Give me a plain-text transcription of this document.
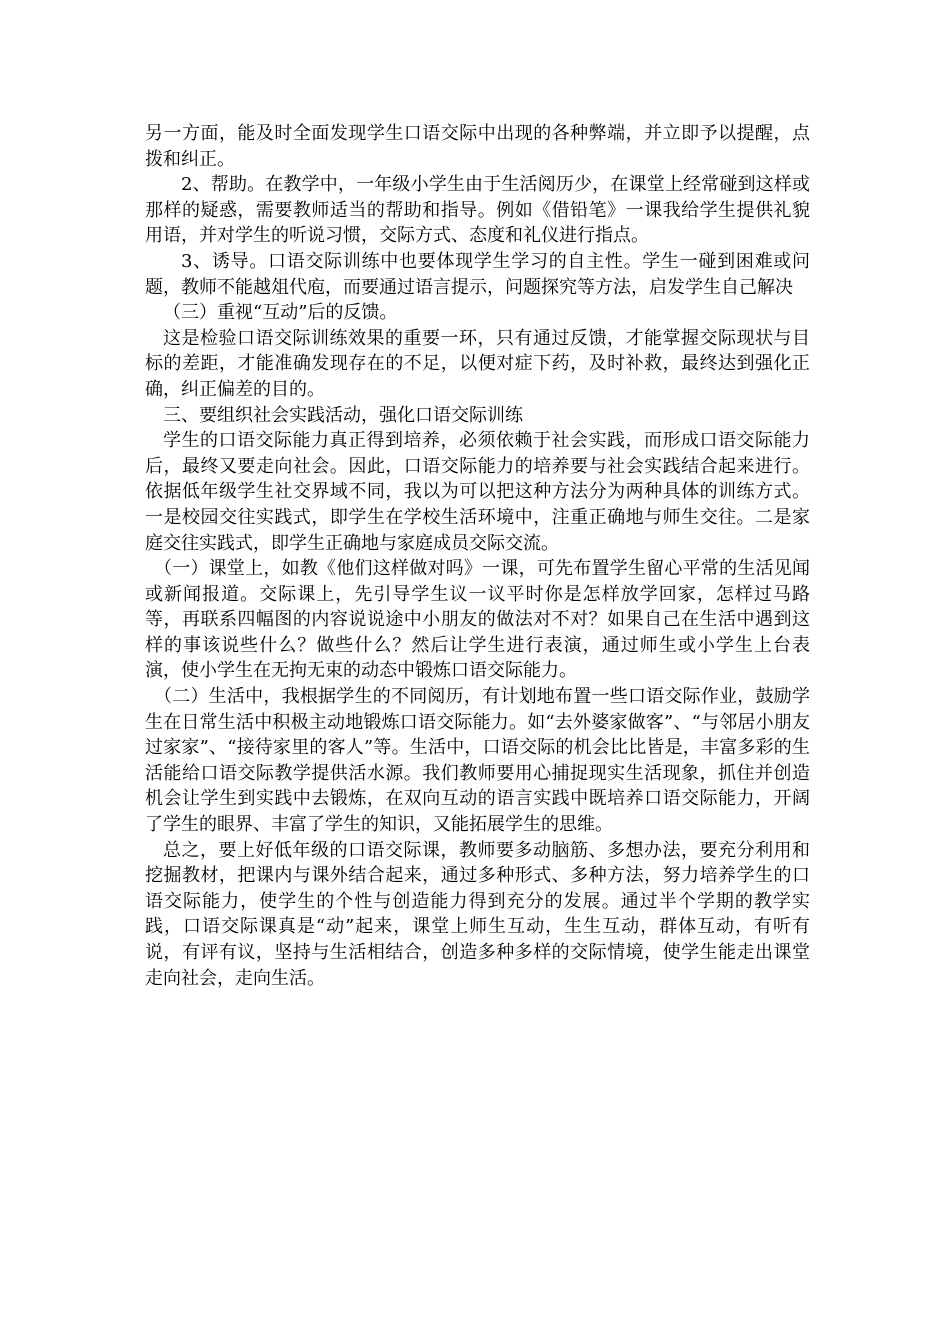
另一方面，能及时全面发现学生口语交际中出现的各种弊端，并立即予以提醒，点拨和纠正。

2、帮助。在教学中，一年级小学生由于生活阅历少，在课堂上经常碰到这样或那样的疑惑，需要教师适当的帮助和指导。例如《借铅笔》一课我给学生提供礼貌用语，并对学生的听说习惯，交际方式、态度和礼仪进行指点。

3、诱导。口语交际训练中也要体现学生学习的自主性。学生一碰到困难或问题，教师不能越俎代庖，而要通过语言提示，问题探究等方法，启发学生自己解决

（三）重视“互动”后的反馈。

这是检验口语交际训练效果的重要一环，只有通过反馈，才能掌握交际现状与目标的差距，才能准确发现存在的不足，以便对症下药，及时补救，最终达到强化正确，纠正偏差的目的。

三、要组织社会实践活动，强化口语交际训练

学生的口语交际能力真正得到培养，必须依赖于社会实践，而形成口语交际能力后，最终又要走向社会。因此，口语交际能力的培养要与社会实践结合起来进行。依据低年级学生社交界域不同，我以为可以把这种方法分为两种具体的训练方式。一是校园交往实践式，即学生在学校生活环境中，注重正确地与师生交往。二是家庭交往实践式，即学生正确地与家庭成员交际交流。

（一）课堂上，如教《他们这样做对吗》一课，可先布置学生留心平常的生活见闻或新闻报道。交际课上，先引导学生议一议平时你是怎样放学回家，怎样过马路等，再联系四幅图的内容说说途中小朋友的做法对不对？如果自己在生活中遇到这样的事该说些什么？做些什么？然后让学生进行表演，通过师生或小学生上台表演，使小学生在无拘无束的动态中锻炼口语交际能力。

（二）生活中，我根据学生的不同阅历，有计划地布置一些口语交际作业，鼓励学生在日常生活中积极主动地锻炼口语交际能力。如“去外婆家做客”、“与邻居小朋友过家家”、“接待家里的客人”等。生活中，口语交际的机会比比皆是，丰富多彩的生活能给口语交际教学提供活水源。我们教师要用心捕捉现实生活现象，抓住并创造机会让学生到实践中去锻炼，在双向互动的语言实践中既培养口语交际能力，开阔了学生的眼界、丰富了学生的知识，又能拓展学生的思维。

总之，要上好低年级的口语交际课，教师要多动脑筋、多想办法，要充分利用和挖掘教材，把课内与课外结合起来，通过多种形式、多种方法，努力培养学生的口语交际能力，使学生的个性与创造能力得到充分的发展。通过半个学期的教学实践，口语交际课真是“动”起来，课堂上师生互动，生生互动，群体互动，有听有说，有评有议，坚持与生活相结合，创造多种多样的交际情境，使学生能走出课堂走向社会，走向生活。
